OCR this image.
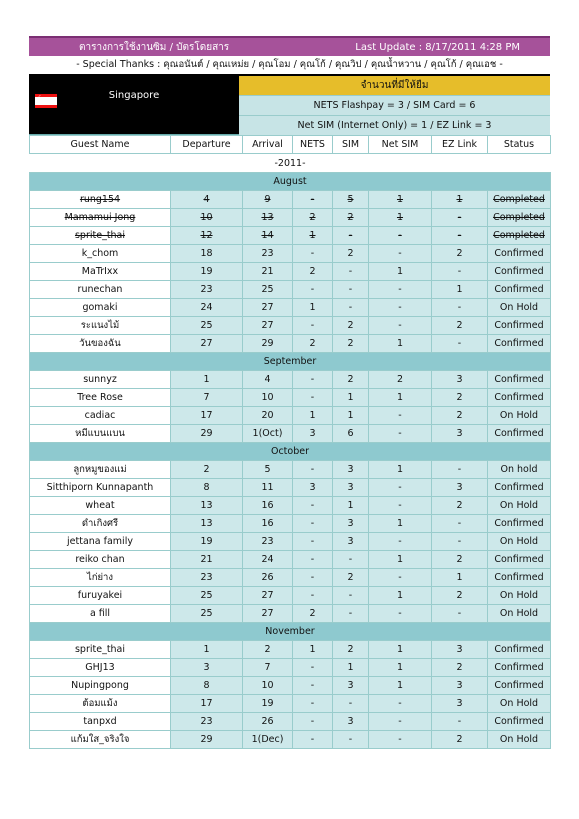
ตารางการใช้งานซิม / บัตรโดยสาร	Last Update : 8/17/2011 4:28 PM
- Special Thanks : คุณอนันต์ / คุณเหม่ย / คุณโอม / คุณโก้ / คุณวิป / คุณน้ำหวาน / คุณโก้ / คุณเอช -
☾	Singapore
จำนวนที่มีให้ยืม
NETS Flashpay = 3 / SIM Card = 6
Net SIM (Internet Only) = 1 / EZ Link = 3
Guest Name	Departure	Arrival	NETS	SIM	Net SIM	EZ Link	Status
-2011-							
August							
rung154	4	9	-	5	1	1	Completed
Mamamui Jong	10	13	2	2	1	-	Completed
sprite_thai	12	14	1	-	-	-	Completed
k_chom	18	23	-	2	-	2	Confirmed
MaTrIxx	19	21	2	-	1	-	Confirmed
runechan	23	25	-	-	-	1	Confirmed
gomaki	24	27	1	-	-	-	On Hold
ระแนงไม้	25	27	-	2	-	2	Confirmed
วันของฉัน	27	29	2	2	1	-	Confirmed
September							
sunnyz	1	4	-	2	2	3	Confirmed
Tree Rose	7	10	-	1	1	2	Confirmed
cadiac	17	20	1	1	-	2	On Hold
หมีแบนแบน	29	1(Oct)	3	6	-	3	Confirmed
October							
ลูกหมูของแม่	2	5	-	3	1	-	On hold
Sitthiporn Kunnapanth	8	11	3	3	-	3	Confirmed
wheat	13	16	-	1	-	2	On Hold
ดำเกิงศรี	13	16	-	3	1	-	Confirmed
jettana family	19	23	-	3	-	-	On Hold
reiko chan	21	24	-	-	1	2	Confirmed
ไก่ย่าง	23	26	-	2	-	1	Confirmed
furuyakei	25	27	-	-	1	2	On Hold
a fill	25	27	2	-	-	-	On Hold
November							
sprite_thai	1	2	1	2	1	3	Confirmed
GHJ13	3	7	-	1	1	2	Confirmed
Nupingpong	8	10	-	3	1	3	Confirmed
ต้อมแม้ง	17	19	-	-	-	3	On Hold
tanpxd	23	26	-	3	-	-	Confirmed
แก้มใส_จริงใจ	29	1(Dec)	-	-	-	2	On Hold
